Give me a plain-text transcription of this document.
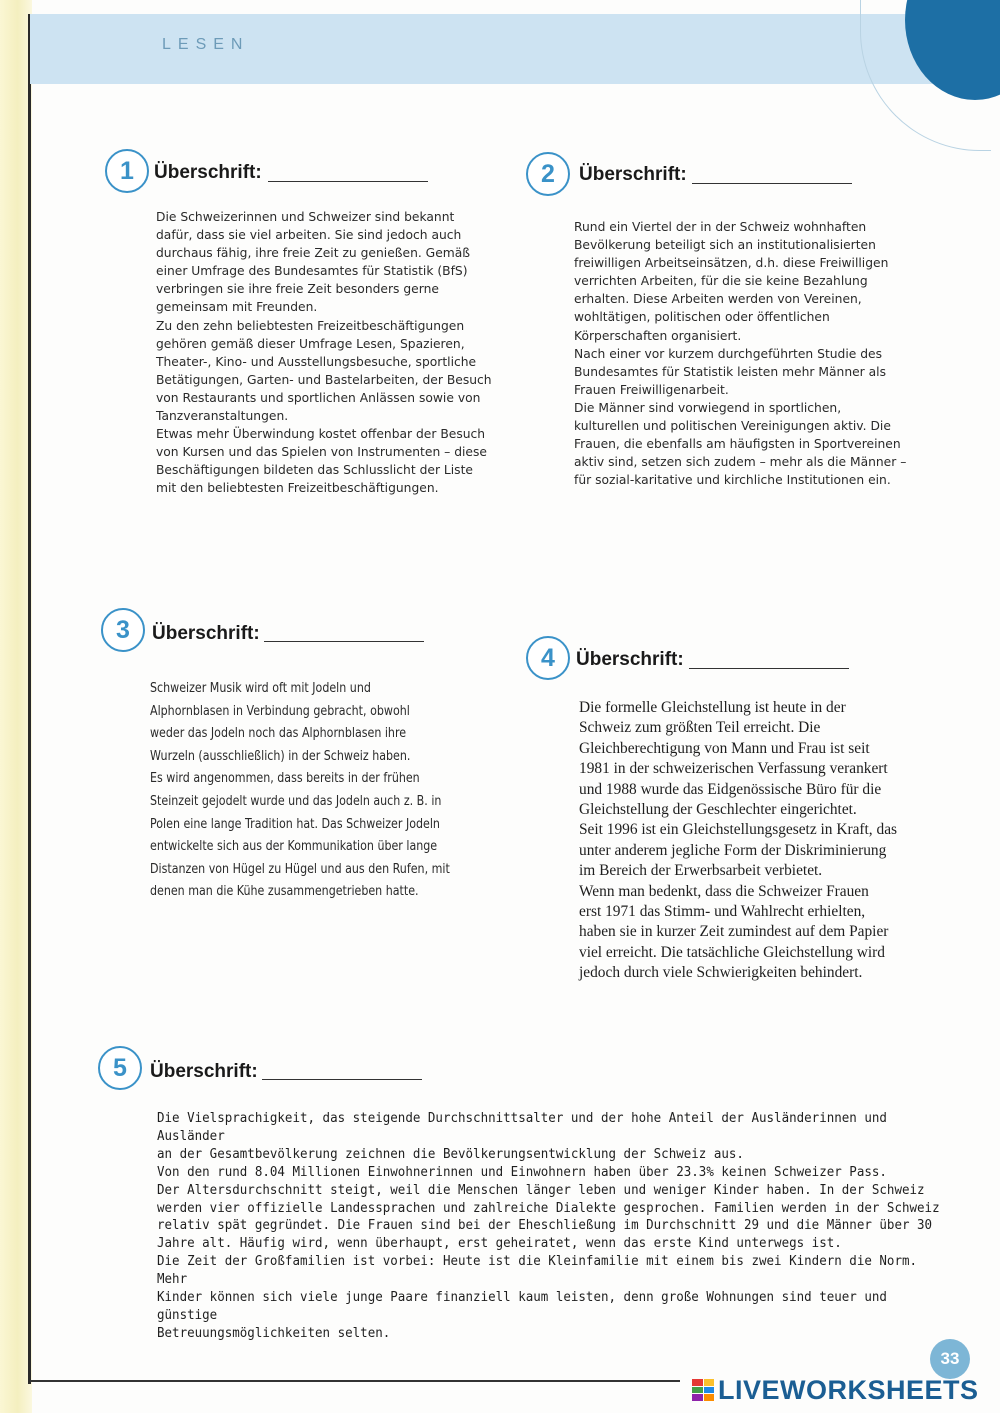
LESEN
1	Überschrift:

Die Schweizerinnen und Schweizer sind bekannt
dafür, dass sie viel arbeiten. Sie sind jedoch auch
durchaus fähig, ihre freie Zeit zu genießen. Gemäß
einer Umfrage des Bundesamtes für Statistik (BfS)
verbringen sie ihre freie Zeit besonders gerne
gemeinsam mit Freunden.
Zu den zehn beliebtesten Freizeitbeschäftigungen
gehören gemäß dieser Umfrage Lesen, Spazieren,
Theater-, Kino- und Ausstellungsbesuche, sportliche
Betätigungen, Garten- und Bastelarbeiten, der Besuch
von Restaurants und sportlichen Anlässen sowie von
Tanzveranstaltungen.
Etwas mehr Überwindung kostet offenbar der Besuch
von Kursen und das Spielen von Instrumenten – diese
Beschäftigungen bildeten das Schlusslicht der Liste
mit den beliebtesten Freizeitbeschäftigungen.

2	Überschrift:

Rund ein Viertel der in der Schweiz wohnhaften
Bevölkerung beteiligt sich an institutionalisierten
freiwilligen Arbeitseinsätzen, d.h. diese Freiwilligen
verrichten Arbeiten, für die sie keine Bezahlung
erhalten. Diese Arbeiten werden von Vereinen,
wohltätigen, politischen oder öffentlichen
Körperschaften organisiert.
Nach einer vor kurzem durchgeführten Studie des
Bundesamtes für Statistik leisten mehr Männer als
Frauen Freiwilligenarbeit.
Die Männer sind vorwiegend in sportlichen,
kulturellen und politischen Vereinigungen aktiv. Die
Frauen, die ebenfalls am häufigsten in Sportvereinen
aktiv sind, setzen sich zudem – mehr als die Männer –
für sozial-karitative und kirchliche Institutionen ein.

3	Überschrift:

Schweizer Musik wird oft mit Jodeln und
Alphornblasen in Verbindung gebracht, obwohl
weder das Jodeln noch das Alphornblasen ihre
Wurzeln (ausschließlich) in der Schweiz haben.
Es wird angenommen, dass bereits in der frühen
Steinzeit gejodelt wurde und das Jodeln auch z. B. in
Polen eine lange Tradition hat. Das Schweizer Jodeln
entwickelte sich aus der Kommunikation über lange
Distanzen von Hügel zu Hügel und aus den Rufen, mit
denen man die Kühe zusammengetrieben hatte.

4	Überschrift:

Die formelle Gleichstellung ist heute in der
Schweiz zum größten Teil erreicht. Die
Gleichberechtigung von Mann und Frau ist seit
1981 in der schweizerischen Verfassung verankert
und 1988 wurde das Eidgenössische Büro für die
Gleichstellung der Geschlechter eingerichtet.
Seit 1996 ist ein Gleichstellungsgesetz in Kraft, das
unter anderem jegliche Form der Diskriminierung
im Bereich der Erwerbsarbeit verbietet.
Wenn man bedenkt, dass die Schweizer Frauen
erst 1971 das Stimm- und Wahlrecht erhielten,
haben sie in kurzer Zeit zumindest auf dem Papier
viel erreicht. Die tatsächliche Gleichstellung wird
jedoch durch viele Schwierigkeiten behindert.

5	Überschrift:

Die Vielsprachigkeit, das steigende Durchschnittsalter und der hohe Anteil der Ausländerinnen und Ausländer
an der Gesamtbevölkerung zeichnen die Bevölkerungsentwicklung der Schweiz aus.
Von den rund 8.04 Millionen Einwohnerinnen und Einwohnern haben über 23.3% keinen Schweizer Pass.
Der Altersdurchschnitt steigt, weil die Menschen länger leben und weniger Kinder haben. In der Schweiz
werden vier offizielle Landessprachen und zahlreiche Dialekte gesprochen. Familien werden in der Schweiz
relativ spät gegründet. Die Frauen sind bei der Eheschließung im Durchschnitt 29 und die Männer über 30
Jahre alt. Häufig wird, wenn überhaupt, erst geheiratet, wenn das erste Kind unterwegs ist.
Die Zeit der Großfamilien ist vorbei: Heute ist die Kleinfamilie mit einem bis zwei Kindern die Norm. Mehr
Kinder können sich viele junge Paare finanziell kaum leisten, denn große Wohnungen sind teuer und günstige
Betreuungsmöglichkeiten selten.

33
LIVEWORKSHEETS
